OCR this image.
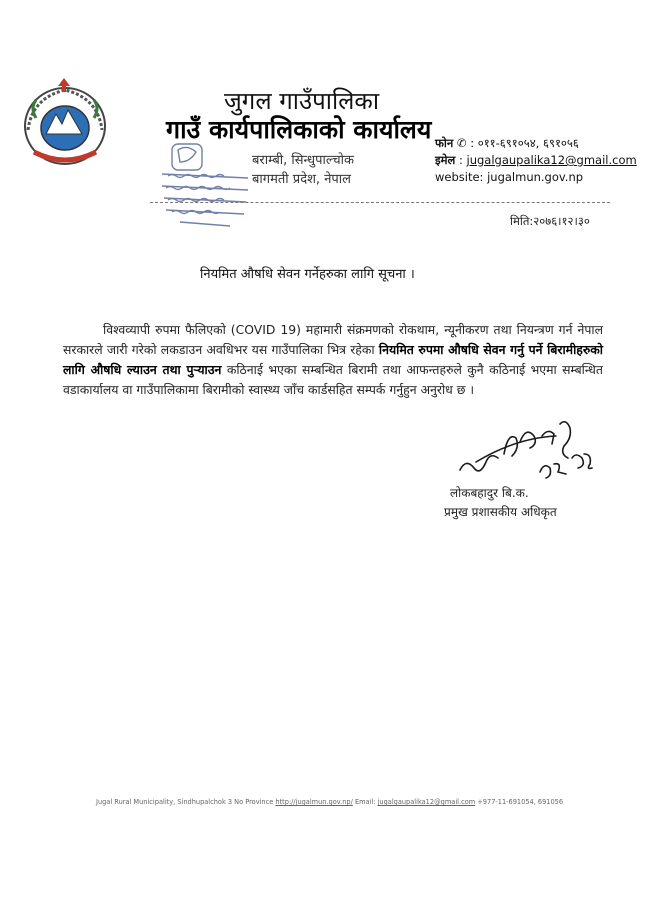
जुगल गाउँपालिका
गाउँ कार्यपालिकाको कार्यालय
बराम्बी, सिन्धुपाल्चोक
बागमती प्रदेश, नेपाल
फोन ✆ : ०११-६९१०५४, ६९१०५६
इमेल : jugalgaupalika12@gmail.com
website: jugalmun.gov.np
मिति:२०७६।१२।३०
नियमित औषधि सेवन गर्नेहरुका लागि सूचना ।
विश्वव्यापी रुपमा फैलिएको (COVID 19) महामारी संक्रमणको रोकथाम, न्यूनीकरण तथा नियन्त्रण गर्न नेपाल सरकारले जारी गरेको लकडाउन अवधिभर यस गाउँपालिका भित्र रहेका नियमित रुपमा औषधि सेवन गर्नु पर्ने बिरामीहरुको लागि औषधि ल्याउन तथा पुर्‍याउन कठिनाई भएका सम्बन्धित बिरामी तथा आफन्तहरुले कुनै कठिनाई भएमा सम्बन्धित वडाकार्यालय वा गाउँपालिकामा बिरामीको स्वास्थ्य जाँच कार्डसहित सम्पर्क गर्नुहुन अनुरोध छ ।
लोकबहादुर बि.क.
प्रमुख प्रशासकीय अधिकृत
Jugal Rural Municipality, Sindhupalchok 3 No Province http://jugalmun.gov.np/ Email: jugalgaupalika12@gmail.com +977-11-691054, 691056
